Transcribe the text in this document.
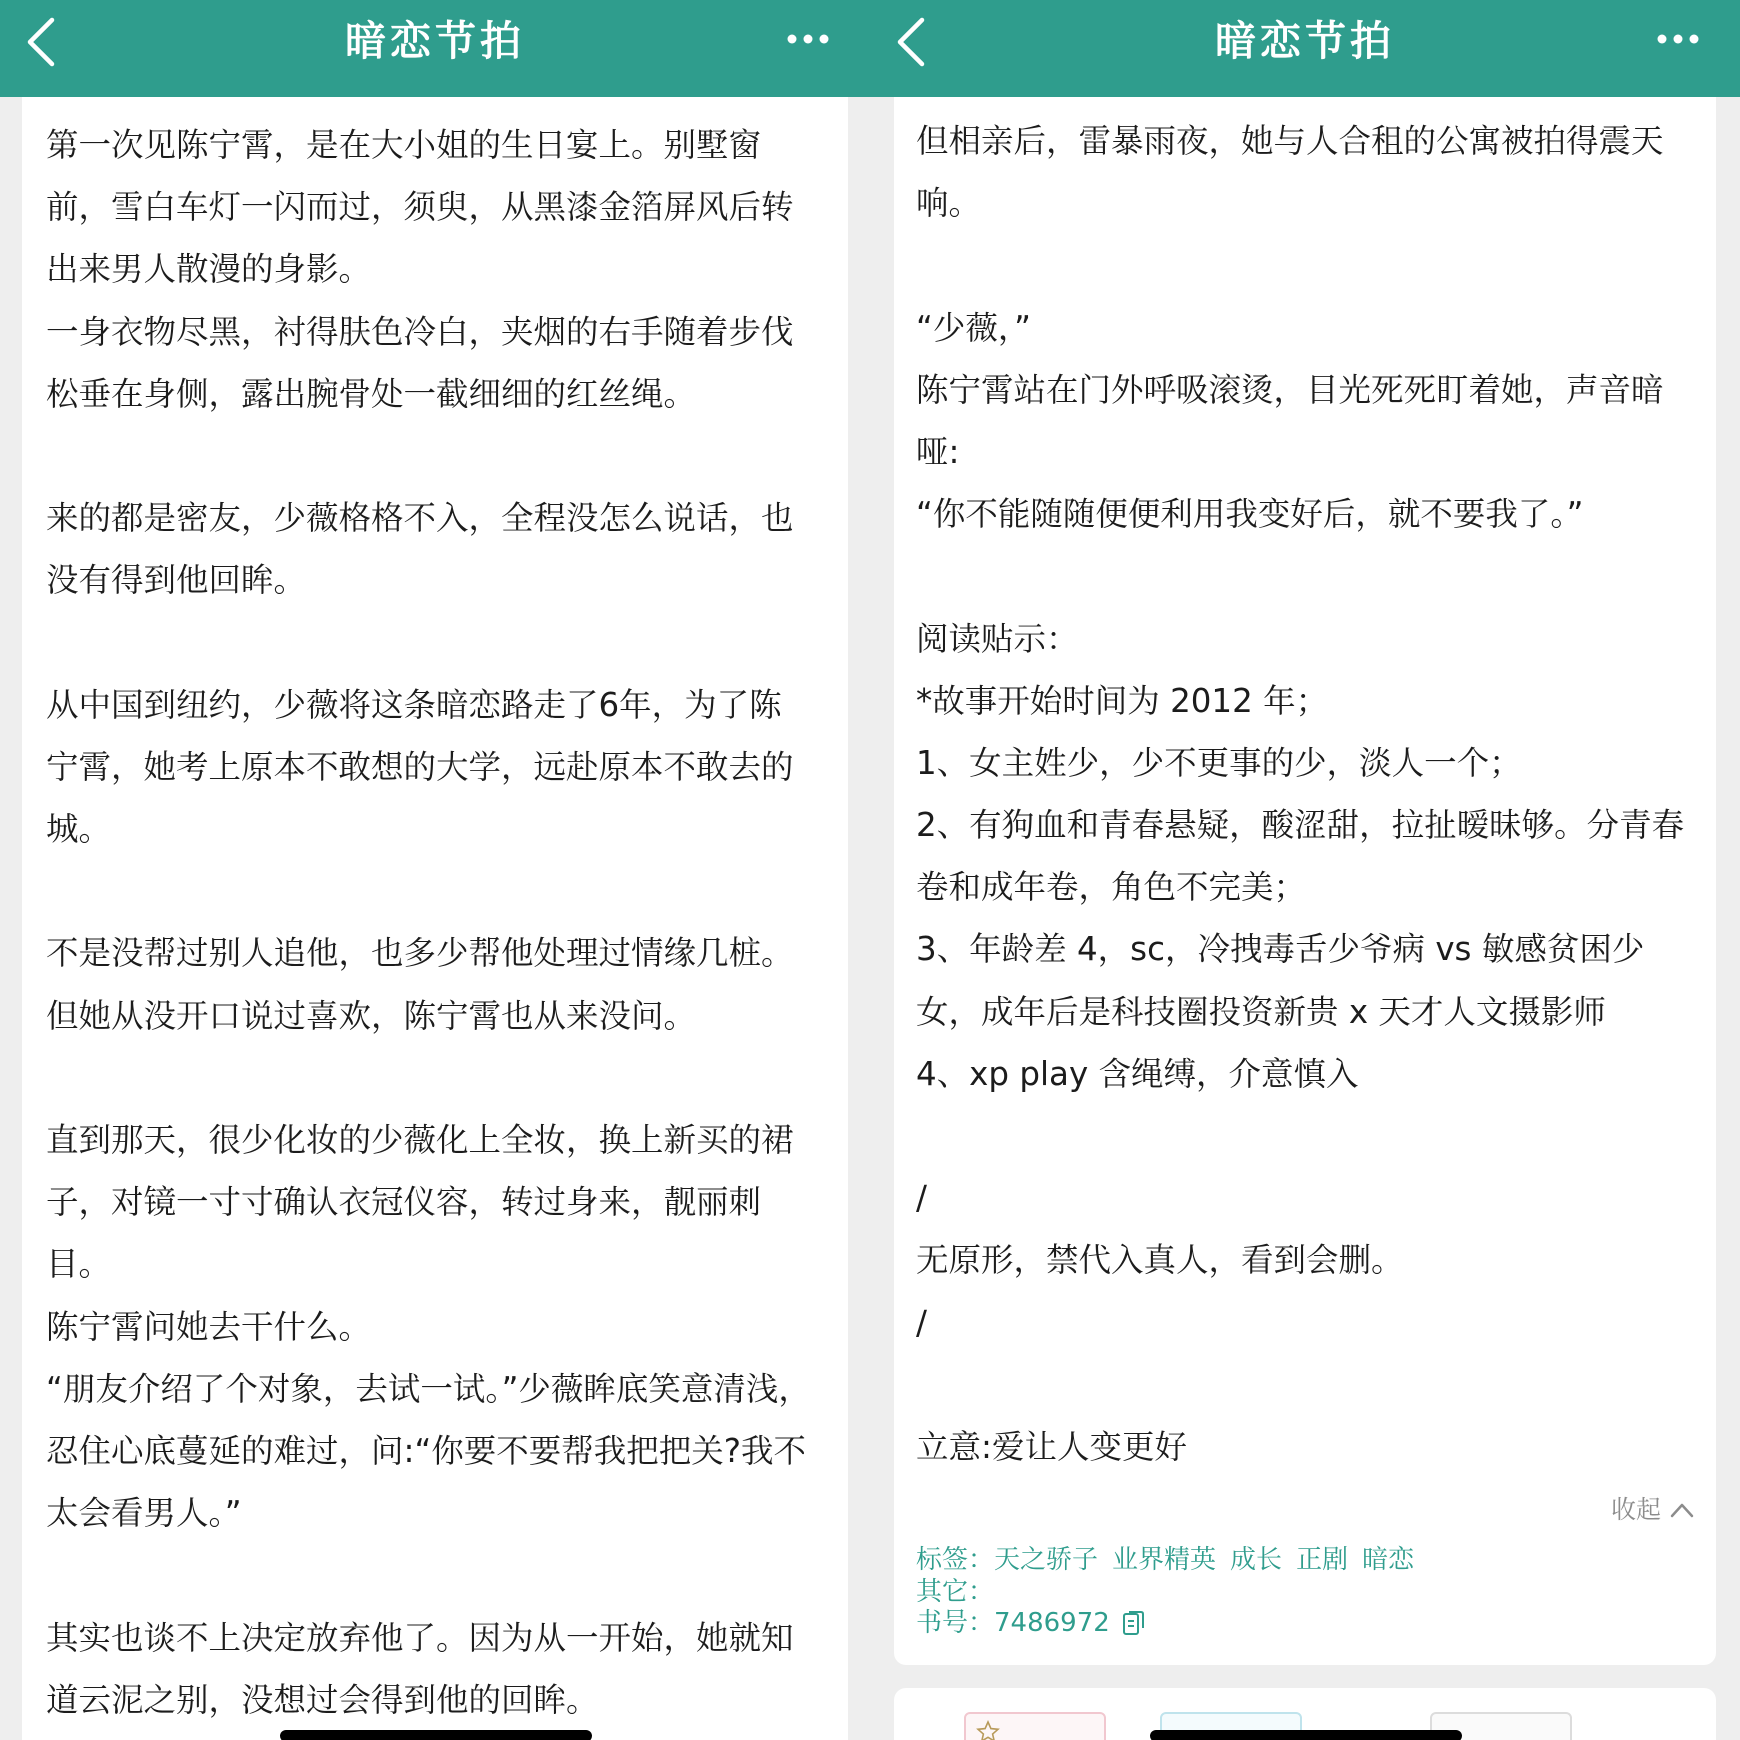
第一次见陈宁霄，是在大小姐的生日宴上。别墅窗
前，雪白车灯一闪而过，须臾，从黑漆金箔屏风后转
出来男人散漫的身影。
一身衣物尽黑，衬得肤色冷白，夹烟的右手随着步伐
松垂在身侧，露出腕骨处一截细细的红丝绳。
来的都是密友，少薇格格不入，全程没怎么说话，也
没有得到他回眸。
从中国到纽约，少薇将这条暗恋路走了6年，为了陈
宁霄，她考上原本不敢想的大学，远赴原本不敢去的
城。
不是没帮过别人追他，也多少帮他处理过情缘几桩。
但她从没开口说过喜欢，陈宁霄也从来没问。
直到那天，很少化妆的少薇化上全妆，换上新买的裙
子，对镜一寸寸确认衣冠仪容，转过身来，靓丽刺
目。
陈宁霄问她去干什么。
“朋友介绍了个对象，去试一试。”少薇眸底笑意清浅，
忍住心底蔓延的难过，问:“你要不要帮我把把关?我不
太会看男人。”
其实也谈不上决定放弃他了。因为从一开始，她就知
道云泥之别，没想过会得到他的回眸。
暗恋节拍
但相亲后，雷暴雨夜，她与人合租的公寓被拍得震天
响。
“少薇，”
陈宁霄站在门外呼吸滚烫，目光死死盯着她，声音暗
哑:
“你不能随随便便利用我变好后，就不要我了。”
阅读贴示：
*故事开始时间为 2012 年；
1、女主姓少，少不更事的少，淡人一个；
2、有狗血和青春悬疑，酸涩甜，拉扯暧昧够。分青春
卷和成年卷，角色不完美；
3、年龄差 4，sc，冷拽毒舌少爷病 vs 敏感贫困少
女，成年后是科技圈投资新贵 x 天才人文摄影师
4、xp play 含绳缚，介意慎入
/
无原形，禁代入真人，看到会删。
/
立意:爱让人变更好
收起
标签： 天之骄子 业界精英 成长 正剧 暗恋
其它：
书号： 7486972
暗恋节拍
